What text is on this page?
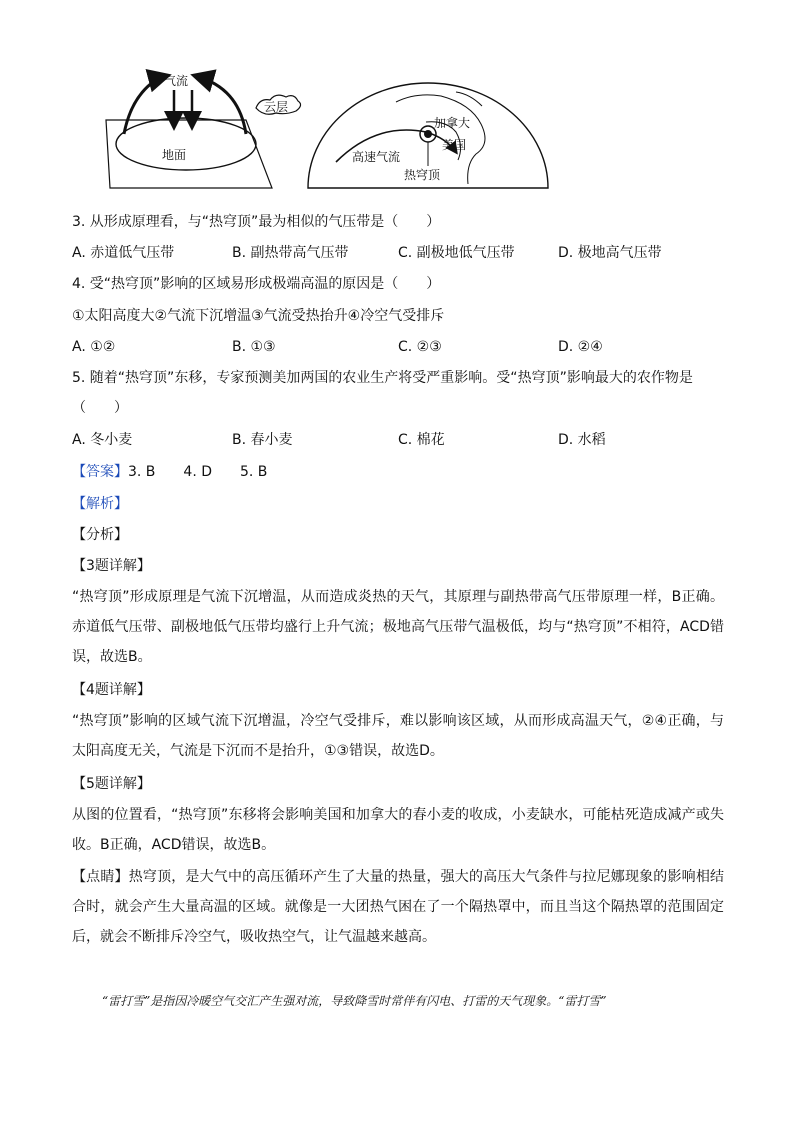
气流
云层
地面
加拿大
美国
高速气流
热穹顶
3. 从形成原理看，与“热穹顶”最为相似的气压带是（　　）
A. 赤道低气压带	B. 副热带高气压带	C. 副极地低气压带	D. 极地高气压带
4. 受“热穹顶”影响的区域易形成极端高温的原因是（　　）
①太阳高度大②气流下沉增温③气流受热抬升④冷空气受排斥
A. ①②	B. ①③	C. ②③	D. ②④
5. 随着“热穹顶”东移，专家预测美加两国的农业生产将受严重影响。受“热穹顶”影响最大的农作物是
（　　）
A. 冬小麦	B. 春小麦	C. 棉花	D. 水稻
【答案】3. B　　4. D　　5. B
【解析】
【分析】
【3题详解】
“热穹顶”形成原理是气流下沉增温，从而造成炎热的天气，其原理与副热带高气压带原理一样，B正确。赤道低气压带、副极地低气压带均盛行上升气流；极地高气压带气温极低，均与“热穹顶”不相符，ACD错误，故选B。
【4题详解】
“热穹顶”影响的区域气流下沉增温，冷空气受排斥，难以影响该区域，从而形成高温天气，②④正确，与太阳高度无关，气流是下沉而不是抬升，①③错误，故选D。
【5题详解】
从图的位置看，“热穹顶”东移将会影响美国和加拿大的春小麦的收成，小麦缺水，可能枯死造成减产或失收。B正确，ACD错误，故选B。
【点睛】热穹顶，是大气中的高压循环产生了大量的热量，强大的高压大气条件与拉尼娜现象的影响相结合时，就会产生大量高温的区域。就像是一大团热气困在了一个隔热罩中，而且当这个隔热罩的范围固定后，就会不断排斥冷空气，吸收热空气，让气温越来越高。
“雷打雪”是指因冷暖空气交汇产生强对流，导致降雪时常伴有闪电、打雷的天气现象。“雷打雪”
